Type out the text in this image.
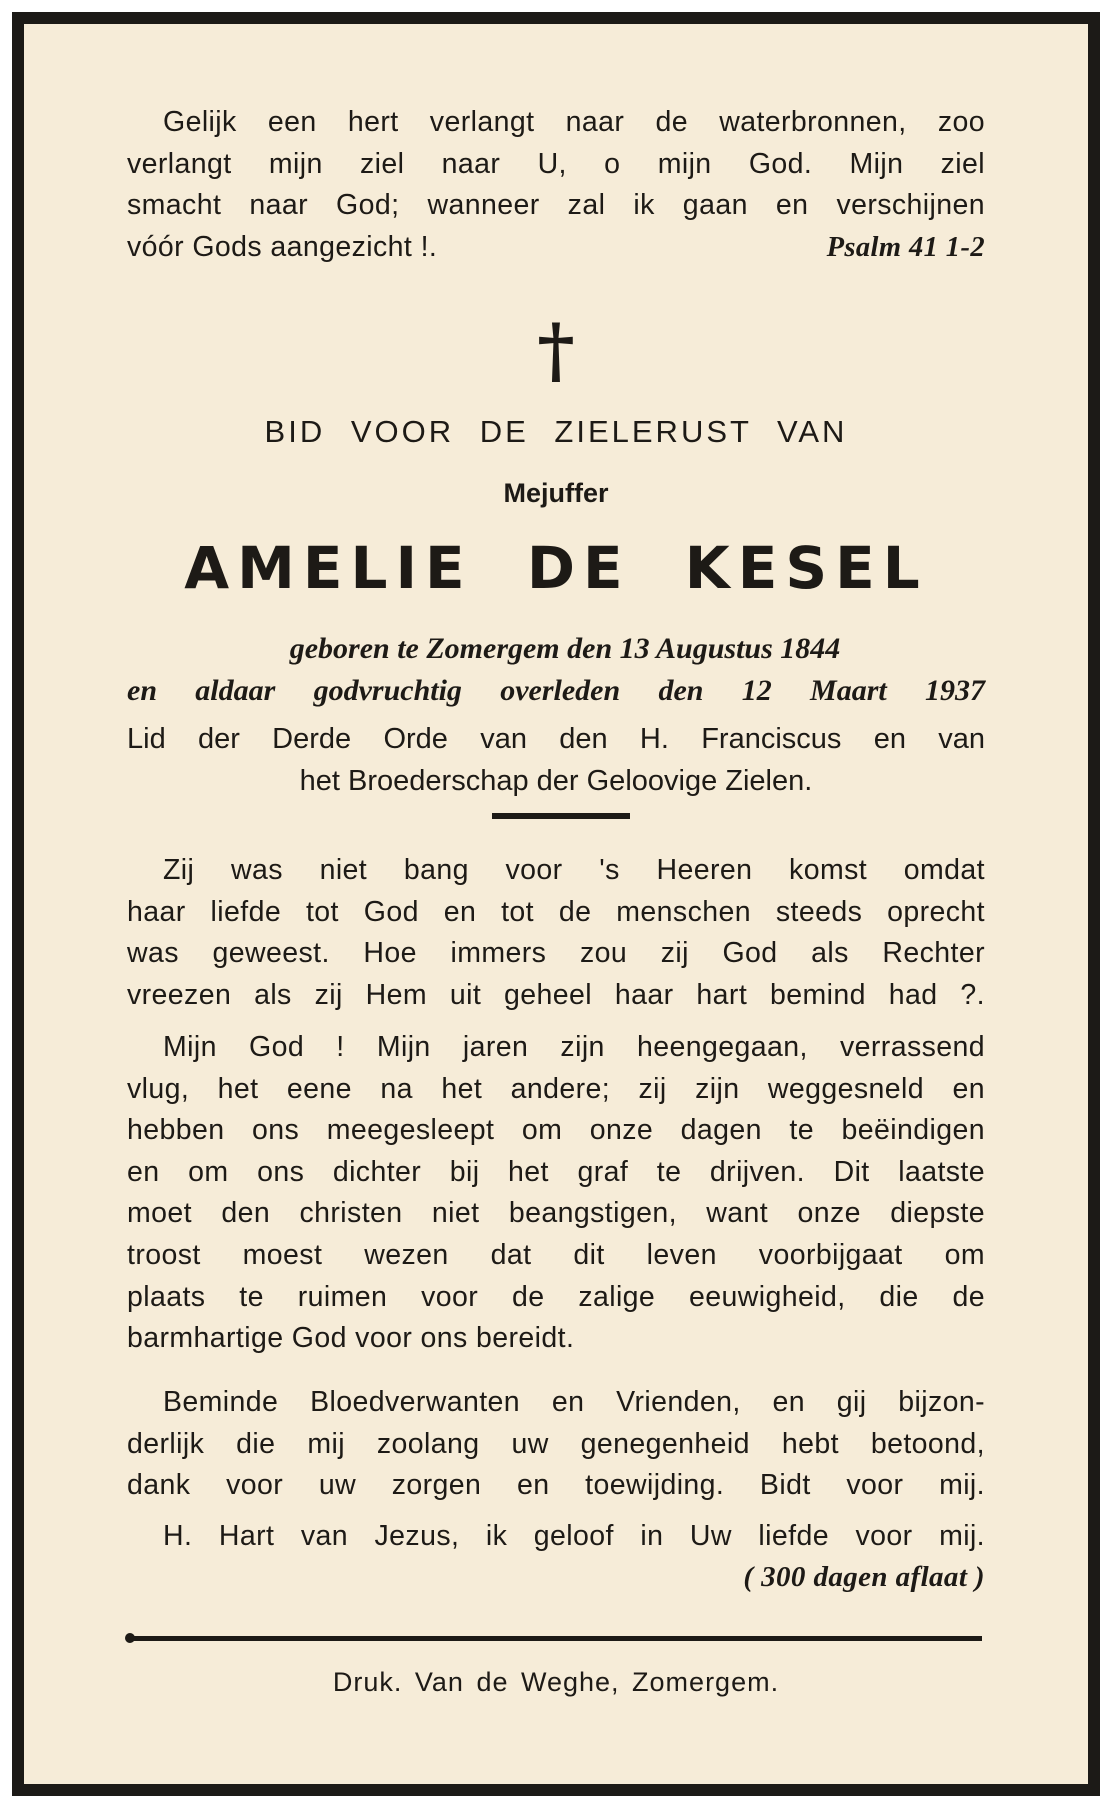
Gelijk een hert verlangt naar de waterbronnen, zoo
verlangt mijn ziel naar U, o mijn God. Mijn ziel
smacht naar God; wanneer zal ik gaan en verschijnen
vóór Gods aangezicht !.	Psalm 41 1-2
†
BID VOOR DE ZIELERUST VAN
Mejuffer
AMELIE DE KESEL
geboren te Zomergem den 13 Augustus 1844
en aldaar godvruchtig overleden den 12 Maart 1937
Lid der Derde Orde van den H. Franciscus en van
het Broederschap der Geloovige Zielen.
Zij was niet bang voor 's Heeren komst omdat
haar liefde tot God en tot de menschen steeds oprecht
was geweest. Hoe immers zou zij God als Rechter
vreezen als zij Hem uit geheel haar hart bemind had ?.
Mijn God ! Mijn jaren zijn heengegaan, verrassend
vlug, het eene na het andere; zij zijn weggesneld en
hebben ons meegesleept om onze dagen te beëindigen
en om ons dichter bij het graf te drijven. Dit laatste
moet den christen niet beangstigen, want onze diepste
troost moest wezen dat dit leven voorbijgaat om
plaats te ruimen voor de zalige eeuwigheid, die de
barmhartige God voor ons bereidt.
Beminde Bloedverwanten en Vrienden, en gij bijzon-
derlijk die mij zoolang uw genegenheid hebt betoond,
dank voor uw zorgen en toewijding. Bidt voor mij.
H. Hart van Jezus, ik geloof in Uw liefde voor mij.
( 300 dagen aflaat )
Druk. Van de Weghe, Zomergem.
